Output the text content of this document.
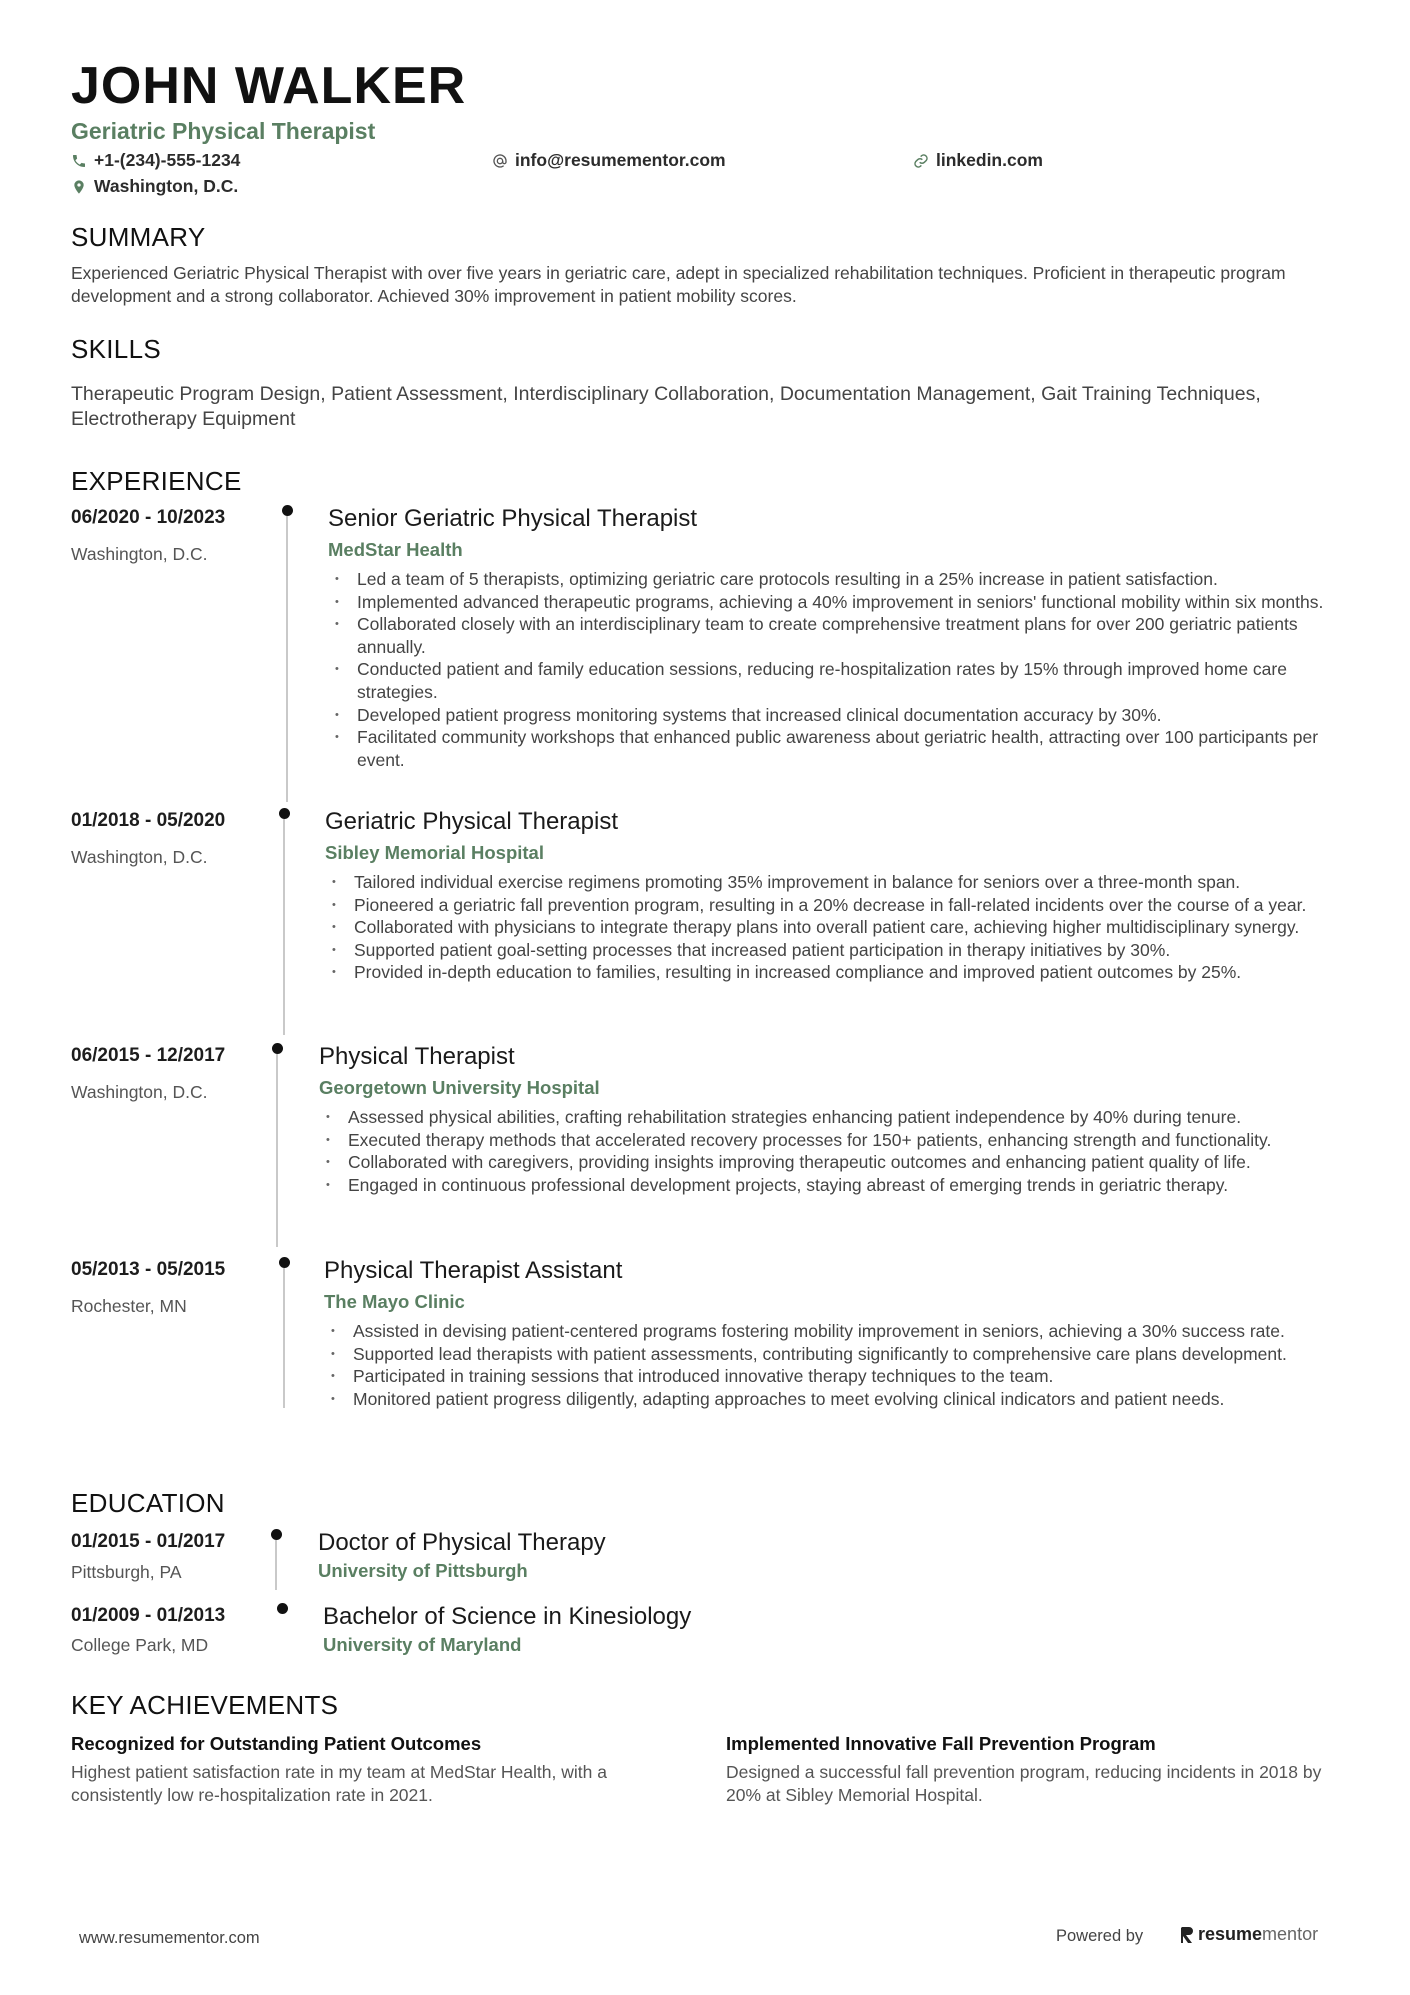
JOHN WALKER
Geriatric Physical Therapist
+1-(234)-555-1234	info@resumementor.com	linkedin.com
Washington, D.C.
SUMMARY
Experienced Geriatric Physical Therapist with over five years in geriatric care, adept in specialized rehabilitation techniques. Proficient in therapeutic program development and a strong collaborator. Achieved 30% improvement in patient mobility scores.
SKILLS
Therapeutic Program Design, Patient Assessment, Interdisciplinary Collaboration, Documentation Management, Gait Training Techniques, Electrotherapy Equipment
EXPERIENCE
06/2020 - 10/2023
Washington, D.C.
Senior Geriatric Physical Therapist
MedStar Health
• Led a team of 5 therapists, optimizing geriatric care protocols resulting in a 25% increase in patient satisfaction.
• Implemented advanced therapeutic programs, achieving a 40% improvement in seniors' functional mobility within six months.
• Collaborated closely with an interdisciplinary team to create comprehensive treatment plans for over 200 geriatric patients annually.
• Conducted patient and family education sessions, reducing re-hospitalization rates by 15% through improved home care strategies.
• Developed patient progress monitoring systems that increased clinical documentation accuracy by 30%.
• Facilitated community workshops that enhanced public awareness about geriatric health, attracting over 100 participants per event.
01/2018 - 05/2020
Washington, D.C.
Geriatric Physical Therapist
Sibley Memorial Hospital
• Tailored individual exercise regimens promoting 35% improvement in balance for seniors over a three-month span.
• Pioneered a geriatric fall prevention program, resulting in a 20% decrease in fall-related incidents over the course of a year.
• Collaborated with physicians to integrate therapy plans into overall patient care, achieving higher multidisciplinary synergy.
• Supported patient goal-setting processes that increased patient participation in therapy initiatives by 30%.
• Provided in-depth education to families, resulting in increased compliance and improved patient outcomes by 25%.
06/2015 - 12/2017
Washington, D.C.
Physical Therapist
Georgetown University Hospital
• Assessed physical abilities, crafting rehabilitation strategies enhancing patient independence by 40% during tenure.
• Executed therapy methods that accelerated recovery processes for 150+ patients, enhancing strength and functionality.
• Collaborated with caregivers, providing insights improving therapeutic outcomes and enhancing patient quality of life.
• Engaged in continuous professional development projects, staying abreast of emerging trends in geriatric therapy.
05/2013 - 05/2015
Rochester, MN
Physical Therapist Assistant
The Mayo Clinic
• Assisted in devising patient-centered programs fostering mobility improvement in seniors, achieving a 30% success rate.
• Supported lead therapists with patient assessments, contributing significantly to comprehensive care plans development.
• Participated in training sessions that introduced innovative therapy techniques to the team.
• Monitored patient progress diligently, adapting approaches to meet evolving clinical indicators and patient needs.
EDUCATION
01/2015 - 01/2017
Pittsburgh, PA
Doctor of Physical Therapy
University of Pittsburgh
01/2009 - 01/2013
College Park, MD
Bachelor of Science in Kinesiology
University of Maryland
KEY ACHIEVEMENTS
Recognized for Outstanding Patient Outcomes
Highest patient satisfaction rate in my team at MedStar Health, with a consistently low re-hospitalization rate in 2021.
Implemented Innovative Fall Prevention Program
Designed a successful fall prevention program, reducing incidents in 2018 by 20% at Sibley Memorial Hospital.
www.resumementor.com	Powered by	resume mentor
